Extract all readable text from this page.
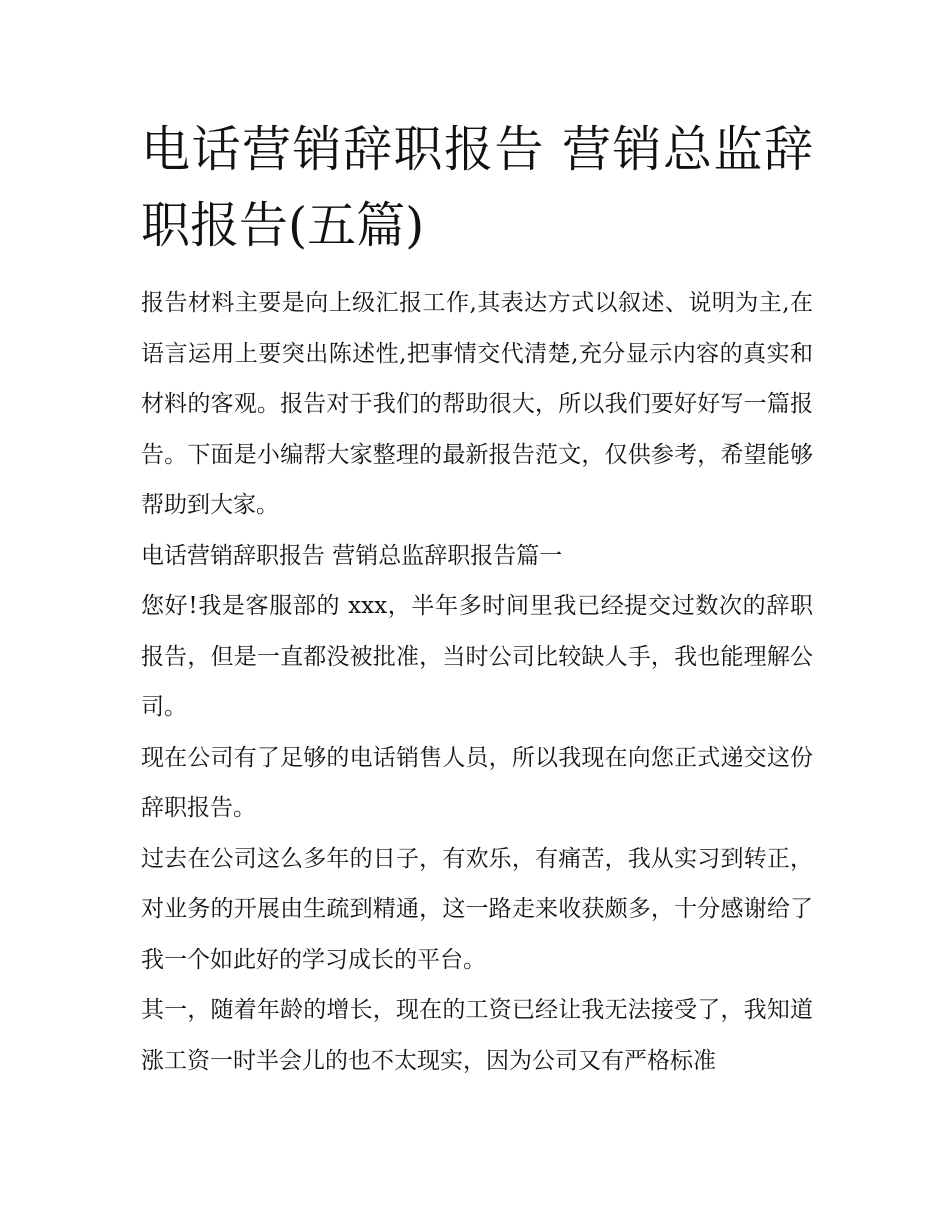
电话营销辞职报告 营销总监辞职报告(五篇)

报告材料主要是向上级汇报工作,其表达方式以叙述、说明为主,在语言运用上要突出陈述性,把事情交代清楚,充分显示内容的真实和材料的客观。报告对于我们的帮助很大，所以我们要好好写一篇报告。下面是小编帮大家整理的最新报告范文，仅供参考，希望能够帮助到大家。

电话营销辞职报告 营销总监辞职报告篇一

您好!我是客服部的 xxx，半年多时间里我已经提交过数次的辞职报告，但是一直都没被批准，当时公司比较缺人手，我也能理解公司。

现在公司有了足够的电话销售人员，所以我现在向您正式递交这份辞职报告。

过去在公司这么多年的日子，有欢乐，有痛苦，我从实习到转正，对业务的开展由生疏到精通，这一路走来收获颇多，十分感谢给了我一个如此好的学习成长的平台。

其一，随着年龄的增长，现在的工资已经让我无法接受了，我知道涨工资一时半会儿的也不太现实，因为公司又有严格标准
